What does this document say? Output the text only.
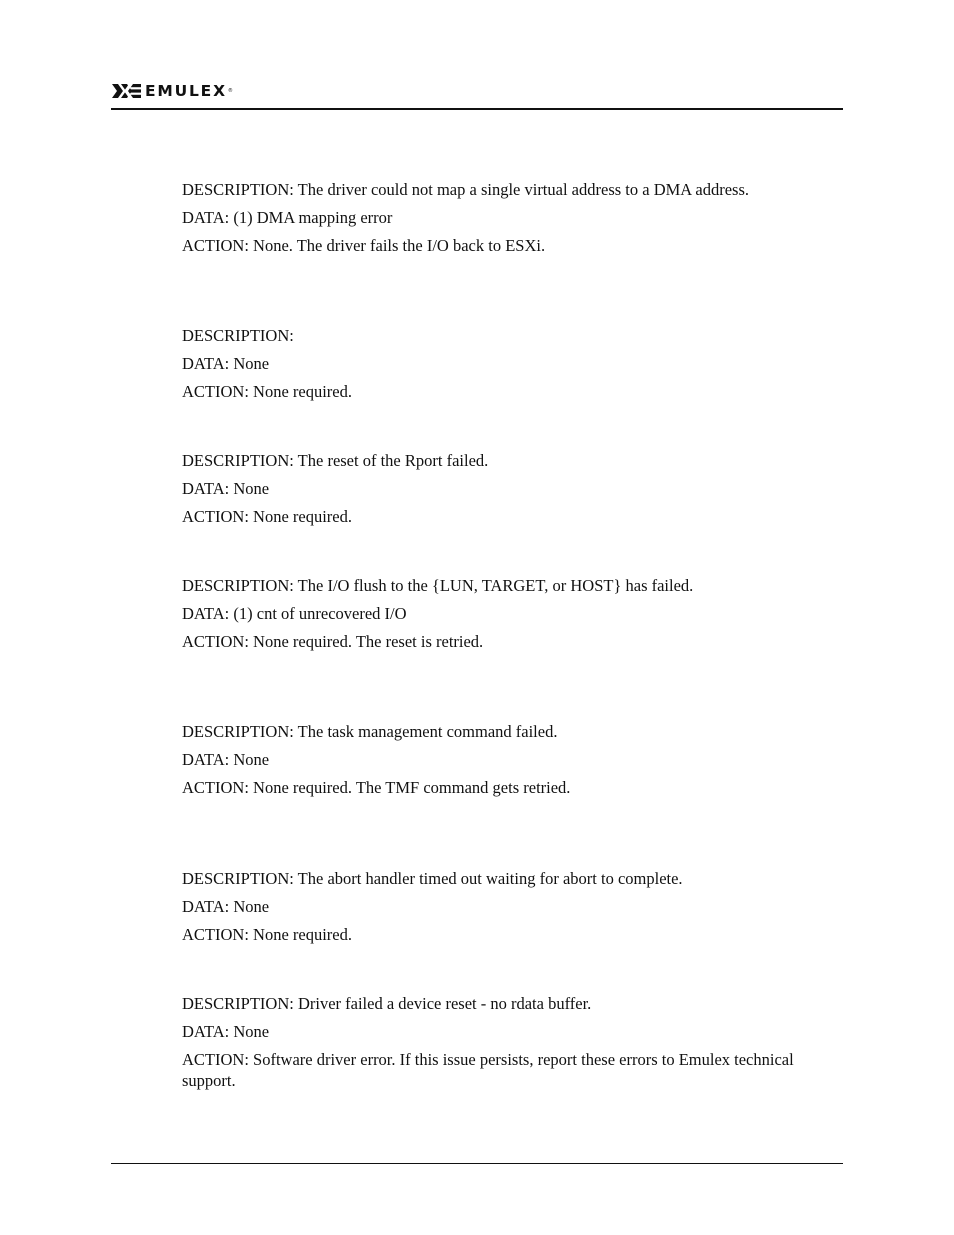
EMULEX ®

DESCRIPTION: The driver could not map a single virtual address to a DMA address.

DATA: (1) DMA mapping error

ACTION: None. The driver fails the I/O back to ESXi.

DESCRIPTION:

DATA: None

ACTION: None required.

DESCRIPTION: The reset of the Rport failed.

DATA: None

ACTION: None required.

DESCRIPTION: The I/O flush to the {LUN, TARGET, or HOST} has failed.

DATA: (1) cnt of unrecovered I/O

ACTION: None required. The reset is retried.

DESCRIPTION: The task management command failed.

DATA: None

ACTION: None required. The TMF command gets retried.

DESCRIPTION: The abort handler timed out waiting for abort to complete.

DATA: None

ACTION: None required.

DESCRIPTION: Driver failed a device reset - no rdata buffer.

DATA: None

ACTION: Software driver error. If this issue persists, report these errors to Emulex technical support.
